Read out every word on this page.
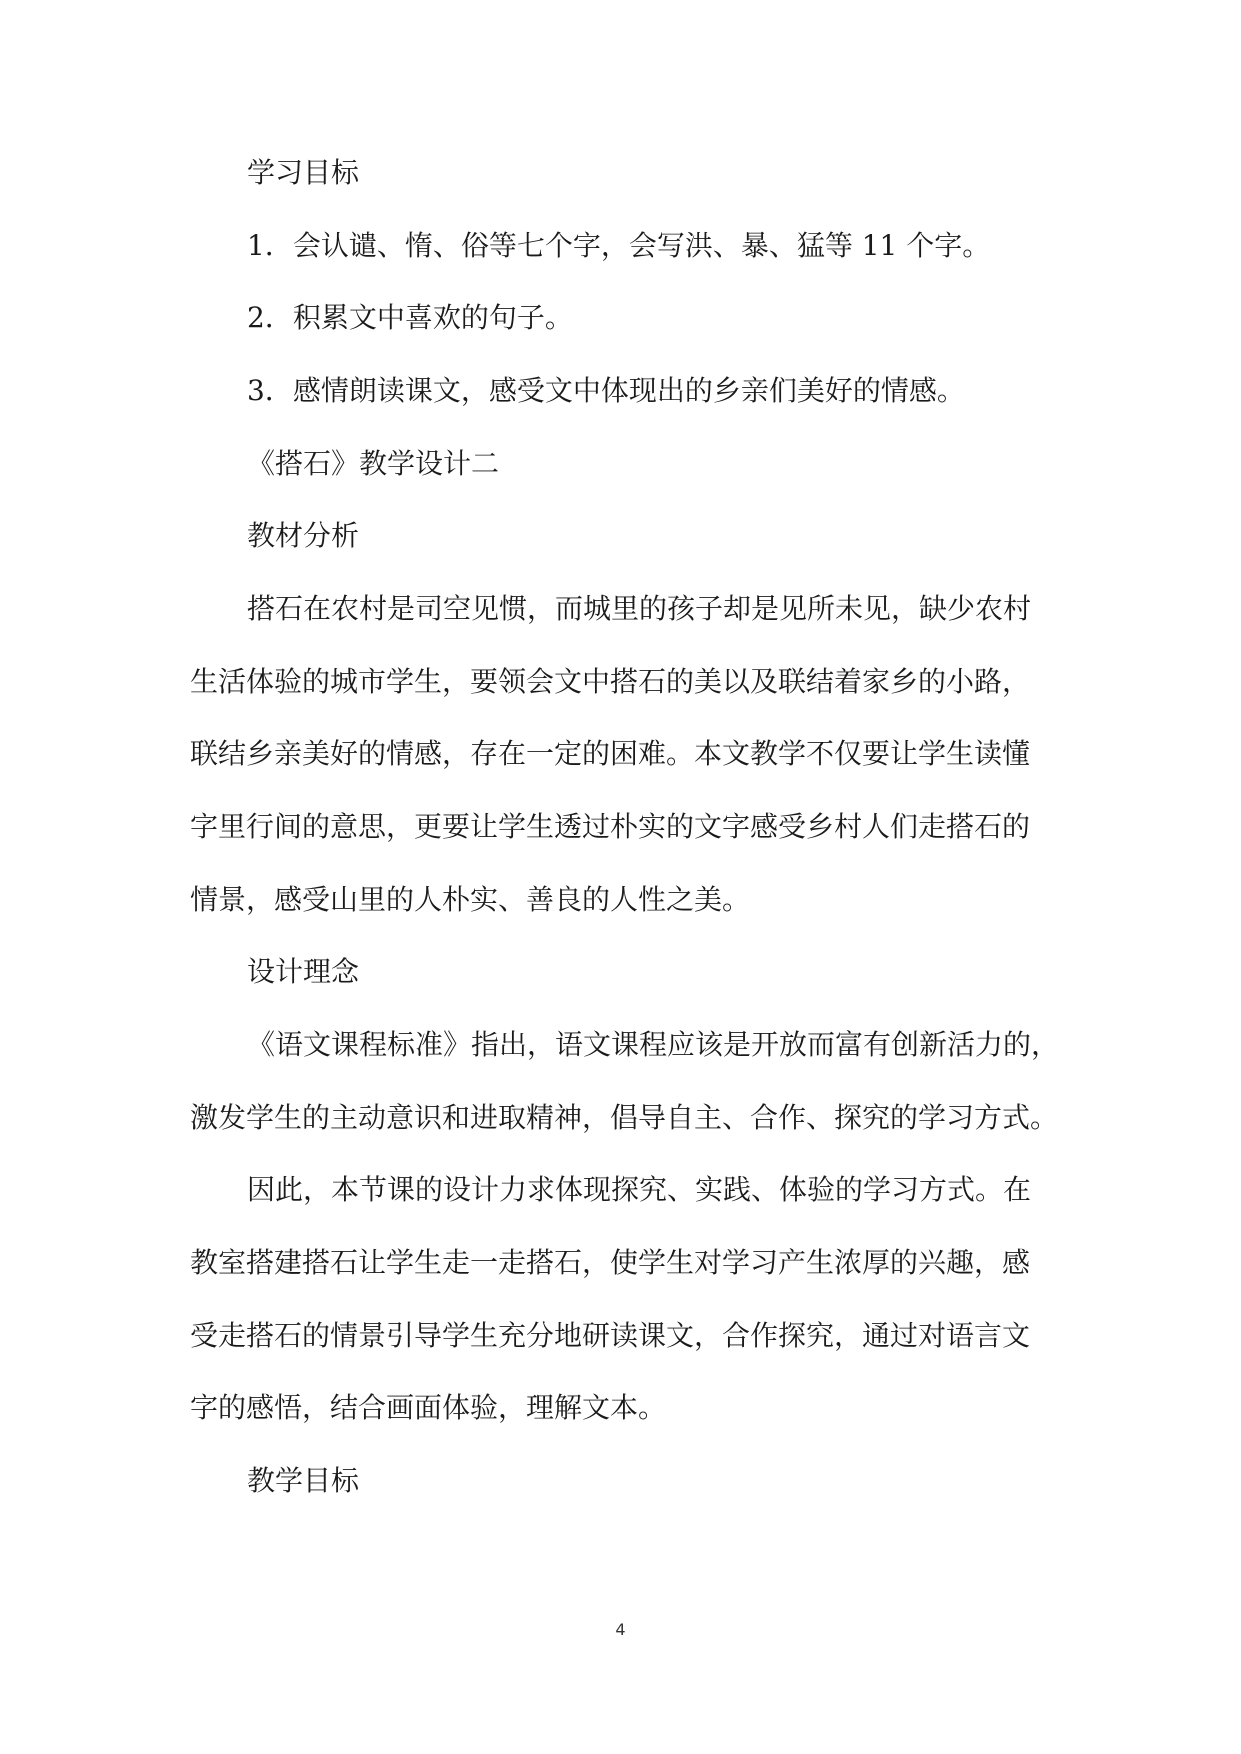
学习目标
1．会认谴、惰、俗等七个字，会写洪、暴、猛等 11 个字。
2．积累文中喜欢的句子。
3．感情朗读课文，感受文中体现出的乡亲们美好的情感。
《搭石》教学设计二
教材分析
搭石在农村是司空见惯，而城里的孩子却是见所未见，缺少农村
生活体验的城市学生，要领会文中搭石的美以及联结着家乡的小路，
联结乡亲美好的情感，存在一定的困难。本文教学不仅要让学生读懂
字里行间的意思，更要让学生透过朴实的文字感受乡村人们走搭石的
情景，感受山里的人朴实、善良的人性之美。
设计理念
《语文课程标准》指出，语文课程应该是开放而富有创新活力的，
激发学生的主动意识和进取精神，倡导自主、合作、探究的学习方式。
因此，本节课的设计力求体现探究、实践、体验的学习方式。在
教室搭建搭石让学生走一走搭石，使学生对学习产生浓厚的兴趣，感
受走搭石的情景引导学生充分地研读课文，合作探究，通过对语言文
字的感悟，结合画面体验，理解文本。
教学目标
4
